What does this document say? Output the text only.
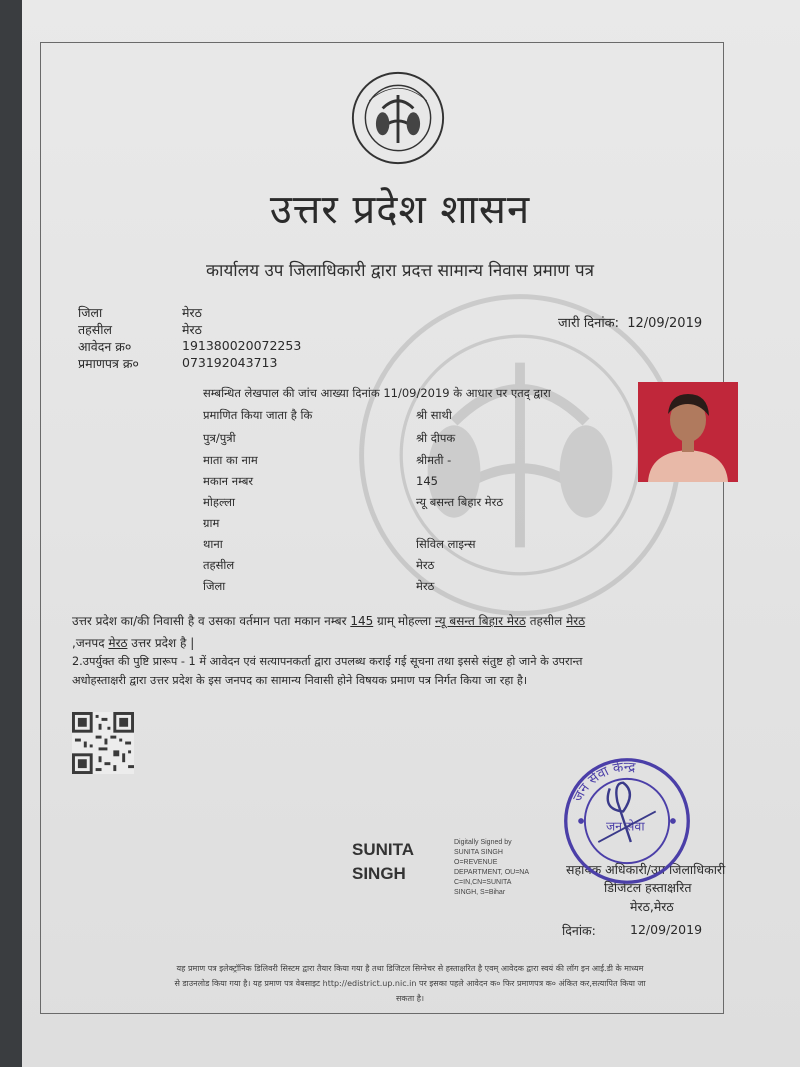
उत्तर प्रदेश शासन
कार्यालय उप जिलाधिकारी द्वारा प्रदत्त सामान्य निवास प्रमाण पत्र
जिला	मेरठ
तहसील	मेरठ
आवेदन क्र०	191380020072253
प्रमाणपत्र क्र०	073192043713
जारी दिनांक: 12/09/2019
सम्बन्धित लेखपाल की जांच आख्या दिनांक 11/09/2019 के आधार पर एतद् द्वारा
प्रमाणित किया जाता है कि	श्री साथी
पुत्र/पुत्री	श्री दीपक
माता का नाम	श्रीमती -
मकान नम्बर	145
मोहल्ला	न्यू बसन्त बिहार मेरठ
ग्राम
थाना	सिविल लाइन्स
तहसील	मेरठ
जिला	मेरठ
उत्तर प्रदेश का/की निवासी है व उसका वर्तमान पता मकान नम्बर 145 ग्राम् मोहल्ला न्यू बसन्त बिहार मेरठ तहसील मेरठ
,जनपद मेरठ उत्तर प्रदेश है |
2.उपर्युक्त की पुष्टि प्रारूप - 1 में आवेदन एवं सत्यापनकर्ता द्वारा उपलब्ध कराई गई सूचना तथा इससे संतुष्ट हो जाने के उपरान्त
अधोहस्ताक्षरी द्वारा उत्तर प्रदेश के इस जनपद का सामान्य निवासी होने विषयक प्रमाण पत्र निर्गत किया जा रहा है।
SUNITA
SINGH
Digitally Signed by
SUNITA SINGH
O=REVENUE
DEPARTMENT, OU=NA
C=IN,CN=SUNITA
SINGH, S=Bihar
सहायक अधिकारी/उप जिलाधिकारी
डिजिटल हस्ताक्षरित
मेरठ,मेरठ
दिनांक:	12/09/2019
जन सेवा केन्द्र
जन सेवा
यह प्रमाण पत्र इलेक्ट्रॉनिक डिलिवरी सिस्टम द्वारा तैयार किया गया है तथा डिजिटल सिग्नेचर से हस्ताक्षरित है एवम् आवेदक द्वारा स्वयं की लॉग इन आई.डी के माध्यम
से डाउनलोड किया गया है। यह प्रमाण पत्र वेबसाइट http://edistrict.up.nic.in पर इसका पहले आवेदन क० फिर प्रमाणपत्र क० अंकित कर,सत्यापित किया जा
सकता है।
